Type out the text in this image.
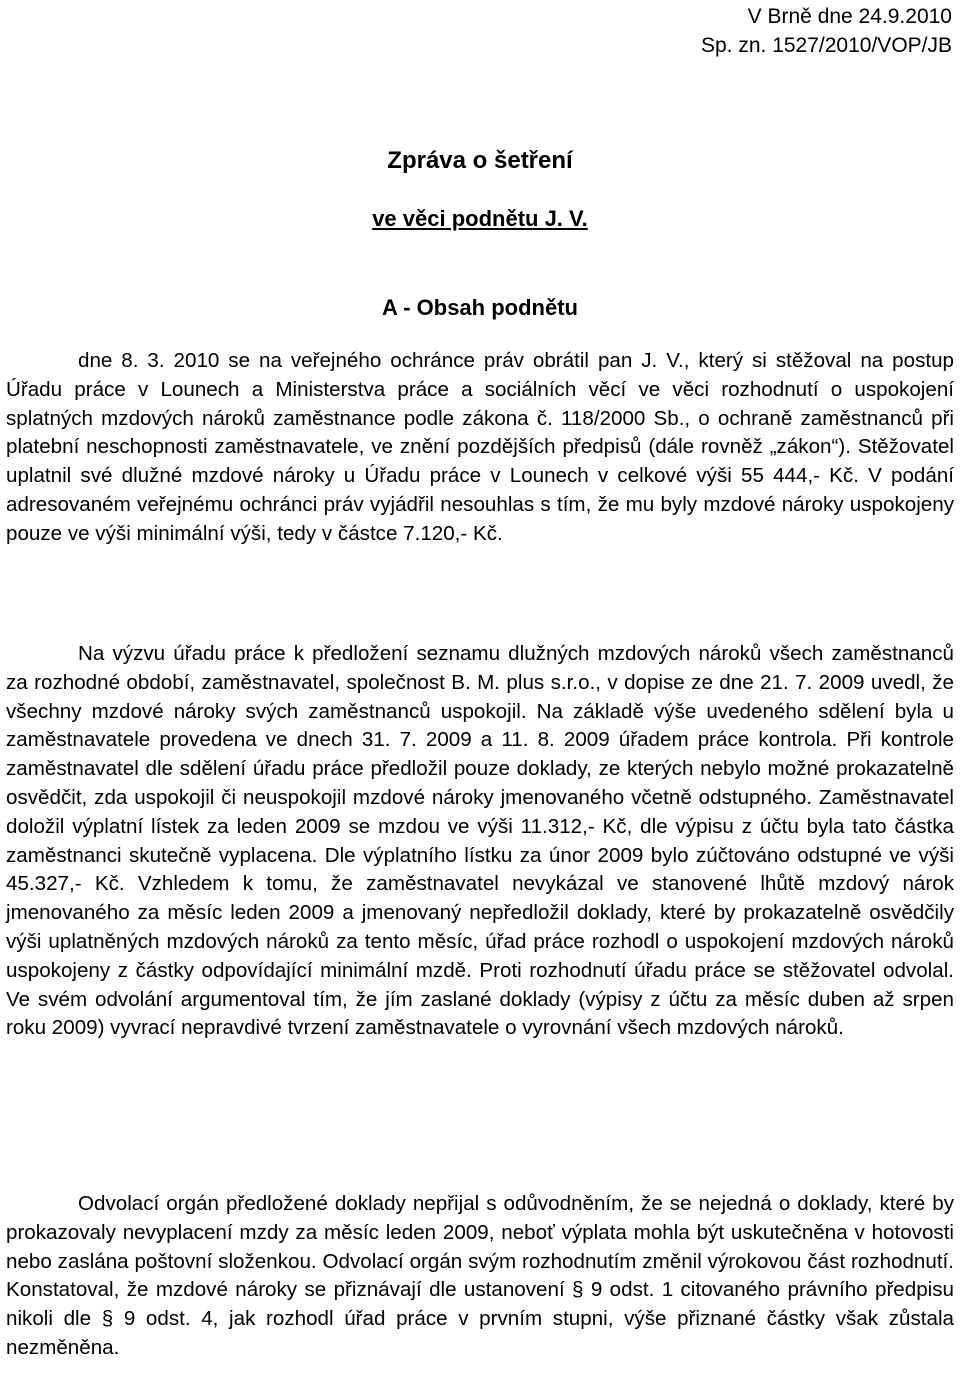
V Brně dne 24.9.2010
Sp. zn. 1527/2010/VOP/JB
Zpráva o šetření
ve věci podnětu J. V.
A - Obsah podnětu

dne 8. 3. 2010 se na veřejného ochránce práv obrátil pan J. V., který si stěžoval na postup Úřadu práce v Lounech a Ministerstva práce a sociálních věcí ve věci rozhodnutí o uspokojení splatných mzdových nároků zaměstnance podle zákona č. 118/2000 Sb., o ochraně zaměstnanců při platební neschopnosti zaměstnavatele, ve znění pozdějších předpisů (dále rovněž „zákon“). Stěžovatel uplatnil své dlužné mzdové nároky u Úřadu práce v Lounech v celkové výši 55 444,- Kč. V podání adresovaném veřejnému ochránci práv vyjádřil nesouhlas s tím, že mu byly mzdové nároky uspokojeny pouze ve výši minimální výši, tedy v částce 7.120,- Kč.

Na výzvu úřadu práce k předložení seznamu dlužných mzdových nároků všech zaměstnanců za rozhodné období, zaměstnavatel, společnost B. M. plus s.r.o., v dopise ze dne 21. 7. 2009 uvedl, že všechny mzdové nároky svých zaměstnanců uspokojil. Na základě výše uvedeného sdělení byla u zaměstnavatele provedena ve dnech 31. 7. 2009 a 11. 8. 2009 úřadem práce kontrola. Při kontrole zaměstnavatel dle sdělení úřadu práce předložil pouze doklady, ze kterých nebylo možné prokazatelně osvědčit, zda uspokojil či neuspokojil mzdové nároky jmenovaného včetně odstupného. Zaměstnavatel doložil výplatní lístek za leden 2009 se mzdou ve výši 11.312,- Kč, dle výpisu z účtu byla tato částka zaměstnanci skutečně vyplacena. Dle výplatního lístku za únor 2009 bylo zúčtováno odstupné ve výši 45.327,- Kč. Vzhledem k tomu, že zaměstnavatel nevykázal ve stanovené lhůtě mzdový nárok jmenovaného za měsíc leden 2009 a jmenovaný nepředložil doklady, které by prokazatelně osvědčily výši uplatněných mzdových nároků za tento měsíc, úřad práce rozhodl o uspokojení mzdových nároků uspokojeny z částky odpovídající minimální mzdě. Proti rozhodnutí úřadu práce se stěžovatel odvolal. Ve svém odvolání argumentoval tím, že jím zaslané doklady (výpisy z účtu za měsíc duben až srpen roku 2009) vyvrací nepravdivé tvrzení zaměstnavatele o vyrovnání všech mzdových nároků.

Odvolací orgán předložené doklady nepřijal s odůvodněním, že se nejedná o doklady, které by prokazovaly nevyplacení mzdy za měsíc leden 2009, neboť výplata mohla být uskutečněna v hotovosti nebo zaslána poštovní složenkou. Odvolací orgán svým rozhodnutím změnil výrokovou část rozhodnutí. Konstatoval, že mzdové nároky se přiznávají dle ustanovení § 9 odst. 1 citovaného právního předpisu nikoli dle § 9 odst. 4, jak rozhodl úřad práce v prvním stupni, výše přiznané částky však zůstala nezměněna.
